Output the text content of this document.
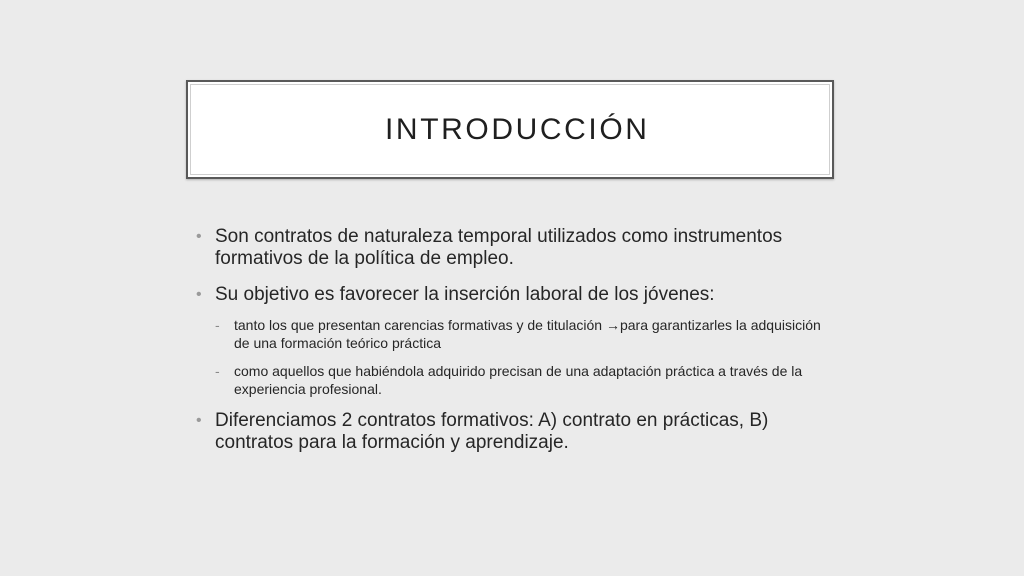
INTRODUCCIÓN

• Son contratos de naturaleza temporal utilizados como instrumentos formativos de la política de empleo.

• Su objetivo es favorecer la inserción laboral de los jóvenes:

- tanto los que presentan carencias formativas y de titulación →para garantizarles la adquisición de una formación teórico práctica

- como aquellos que habiéndola adquirido precisan de una adaptación práctica a través de la experiencia profesional.

• Diferenciamos 2 contratos formativos: A) contrato en prácticas, B) contratos para la formación y aprendizaje.
